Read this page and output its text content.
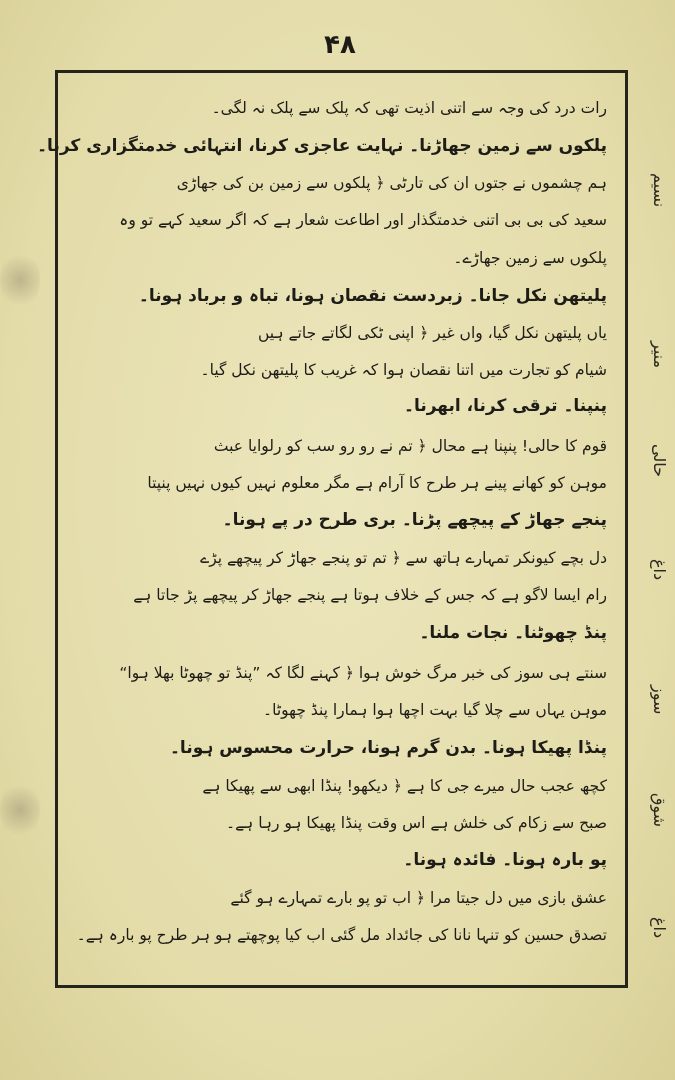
۴۸
رات درد کی وجہ سے اتنی اذیت تھی کہ پلک سے پلک نہ لگی۔
پلکوں سے زمین جھاڑنا۔ نہایت عاجزی کرنا، انتہائی خدمتگزاری کرنا۔
ہم چشموں نے جتوں ان کی تارٹی ﴿ پلکوں سے زمین بن کی جھاڑی
سعید کی بی بی اتنی خدمتگذار اور اطاعت شعار ہے کہ اگر سعید کہے تو وہ
پلکوں سے زمین جھاڑے۔
پلیتھن نکل جانا۔ زبردست نقصان ہونا، تباہ و برباد ہونا۔
یاں پلیتھن نکل گیا، واں غیر ﴿ اپنی ٹکی لگاتے جاتے ہیں
شیام کو تجارت میں اتنا نقصان ہوا کہ غریب کا پلیتھن نکل گیا۔
پنپنا۔ ترقی کرنا، ابھرنا۔
قوم کا حالی! پنپنا ہے محال ﴿ تم نے رو رو سب کو رلوایا عبث
موہن کو کھانے پینے ہر طرح کا آرام ہے مگر معلوم نہیں کیوں نہیں پنپتا
پنجے جھاڑ کے پیچھے پڑنا۔ بری طرح در پے ہونا۔
دل بچے کیونکر تمہارے ہاتھ سے ﴿ تم تو پنجے جھاڑ کر پیچھے پڑے
رام ایسا لاگو ہے کہ جس کے خلاف ہوتا ہے پنجے جھاڑ کر پیچھے پڑ جاتا ہے
پنڈ چھوٹنا۔ نجات ملنا۔
سنتے ہی سوز کی خبر مرگ خوش ہوا ﴿ کہنے لگا کہ ”پنڈ تو چھوٹا بھلا ہوا“
موہن یہاں سے چلا گیا بہت اچھا ہوا ہمارا پنڈ چھوٹا۔
پنڈا پھیکا ہونا۔ بدن گرم ہونا، حرارت محسوس ہونا۔
کچھ عجب حال میرے جی کا ہے ﴿ دیکھو! پنڈا ابھی سے پھیکا ہے
صبح سے زکام کی خلش ہے اس وقت پنڈا پھیکا ہو رہا ہے۔
پو بارہ ہونا۔ فائدہ ہونا۔
عشق بازی میں دل جیتا مرا ﴿ اب تو پو بارے تمہارے ہو گئے
تصدق حسین کو تنہا نانا کی جائداد مل گئی اب کیا پوچھتے ہو ہر طرح پو بارہ ہے۔
نسیم
منیر
حالی
داغ
سوز
شوق
داغ
